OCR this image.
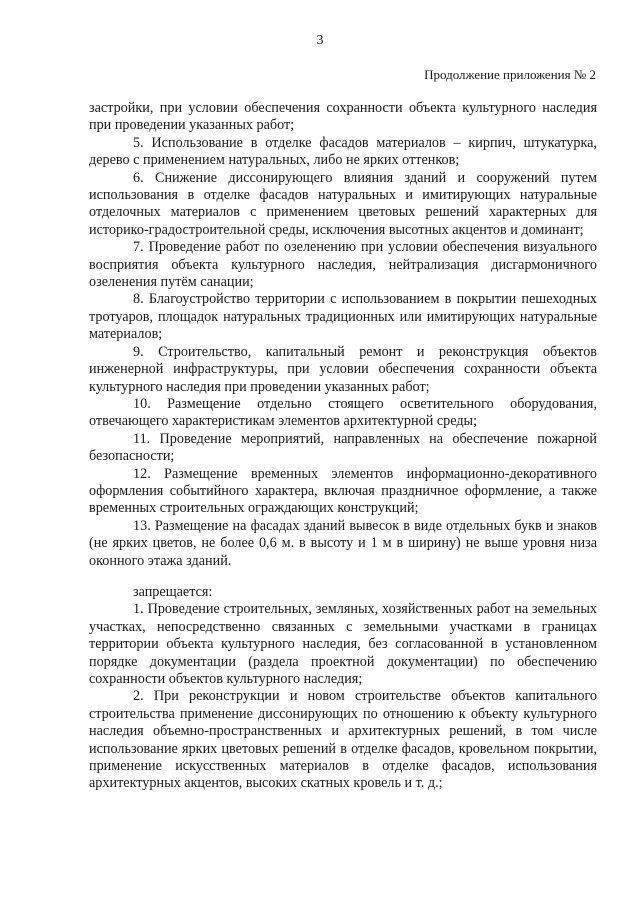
3
Продолжение приложения № 2

застройки, при условии обеспечения сохранности объекта культурного наследия при проведении указанных работ;

5. Использование в отделке фасадов материалов – кирпич, штукатурка, дерево с применением натуральных, либо не ярких оттенков;

6. Снижение диссонирующего влияния зданий и сооружений путем использования в отделке фасадов натуральных и имитирующих натуральные отделочных материалов с применением цветовых решений характерных для историко-градостроительной среды, исключения высотных акцентов и доминант;

7. Проведение работ по озеленению при условии обеспечения визуального восприятия объекта культурного наследия, нейтрализация дисгармоничного озеленения путём санации;

8. Благоустройство территории с использованием в покрытии пешеходных тротуаров, площадок натуральных традиционных или имитирующих натуральные материалов;

9. Строительство, капитальный ремонт и реконструкция объектов инженерной инфраструктуры, при условии обеспечения сохранности объекта культурного наследия при проведении указанных работ;

10. Размещение отдельно стоящего осветительного оборудования, отвечающего характеристикам элементов архитектурной среды;

11. Проведение мероприятий, направленных на обеспечение пожарной безопасности;

12. Размещение временных элементов информационно-декоративного оформления событийного характера, включая праздничное оформление, а также временных строительных ограждающих конструкций;

13. Размещение на фасадах зданий вывесок в виде отдельных букв и знаков (не ярких цветов, не более 0,6 м. в высоту и 1 м в ширину) не выше уровня низа оконного этажа зданий.

запрещается:

1. Проведение строительных, земляных, хозяйственных работ на земельных участках, непосредственно связанных с земельными участками в границах территории объекта культурного наследия, без согласованной в установленном порядке документации (раздела проектной документации) по обеспечению сохранности объектов культурного наследия;

2. При реконструкции и новом строительстве объектов капитального строительства применение диссонирующих по отношению к объекту культурного наследия объемно-пространственных и архитектурных решений, в том числе использование ярких цветовых решений в отделке фасадов, кровельном покрытии, применение искусственных материалов в отделке фасадов, использования архитектурных акцентов, высоких скатных кровель и т. д.;
